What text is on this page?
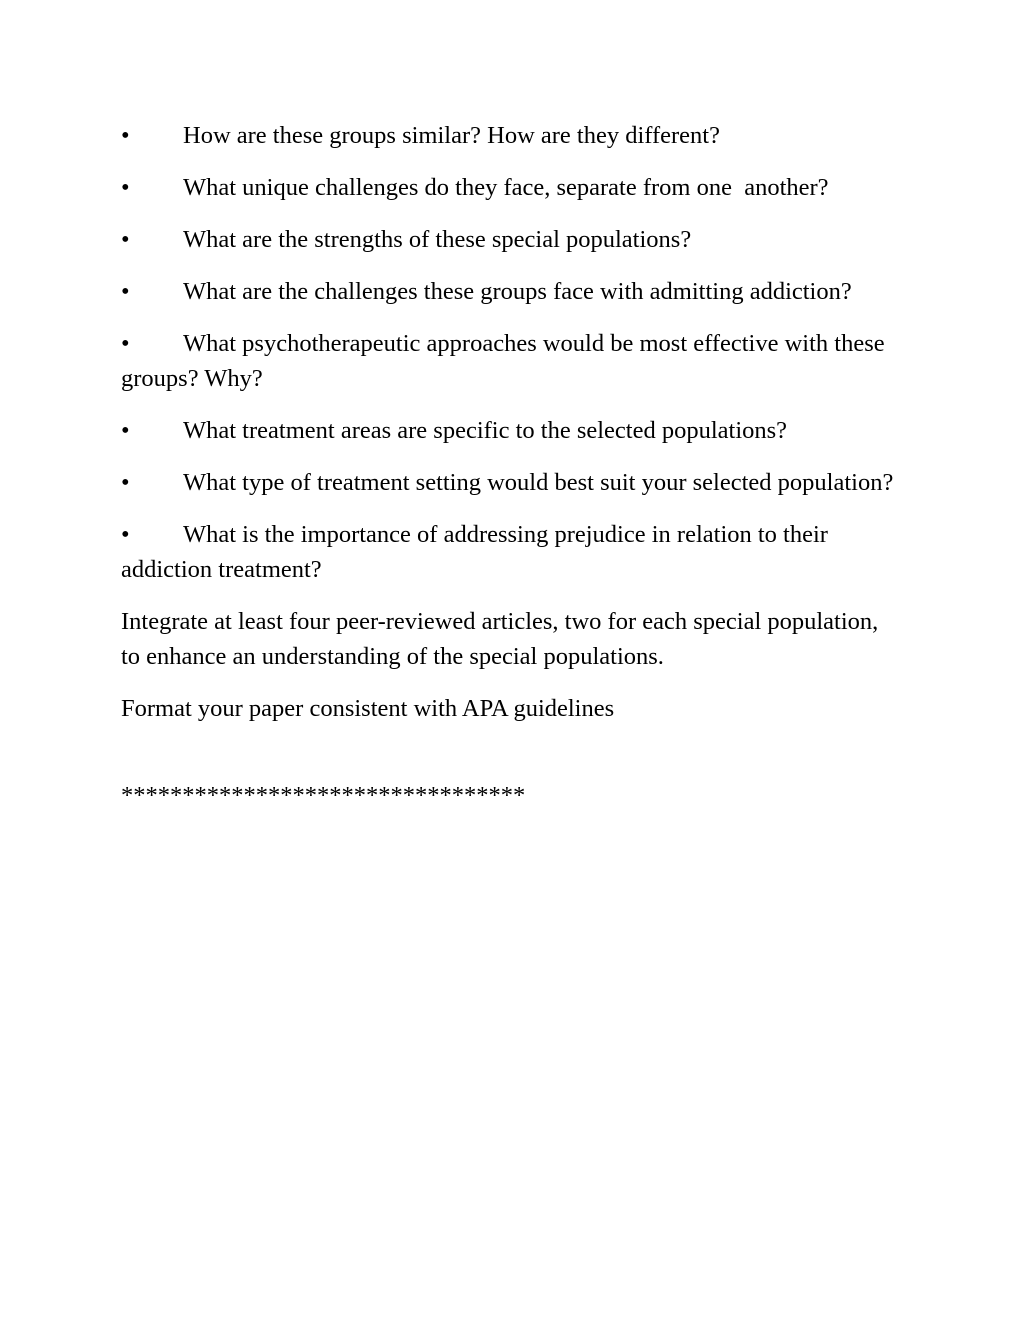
• How are these groups similar? How are they different?
• What unique challenges do they face, separate from one  another?
• What are the strengths of these special populations?
• What are the challenges these groups face with admitting addiction?
• What psychotherapeutic approaches would be most effective with these groups? Why?
• What treatment areas are specific to the selected populations?
• What type of treatment setting would best suit your selected population?
• What is the importance of addressing prejudice in relation to their addiction treatment?

Integrate at least four peer-reviewed articles, two for each special population, to enhance an understanding of the special populations.

Format your paper consistent with APA guidelines

*********************************
